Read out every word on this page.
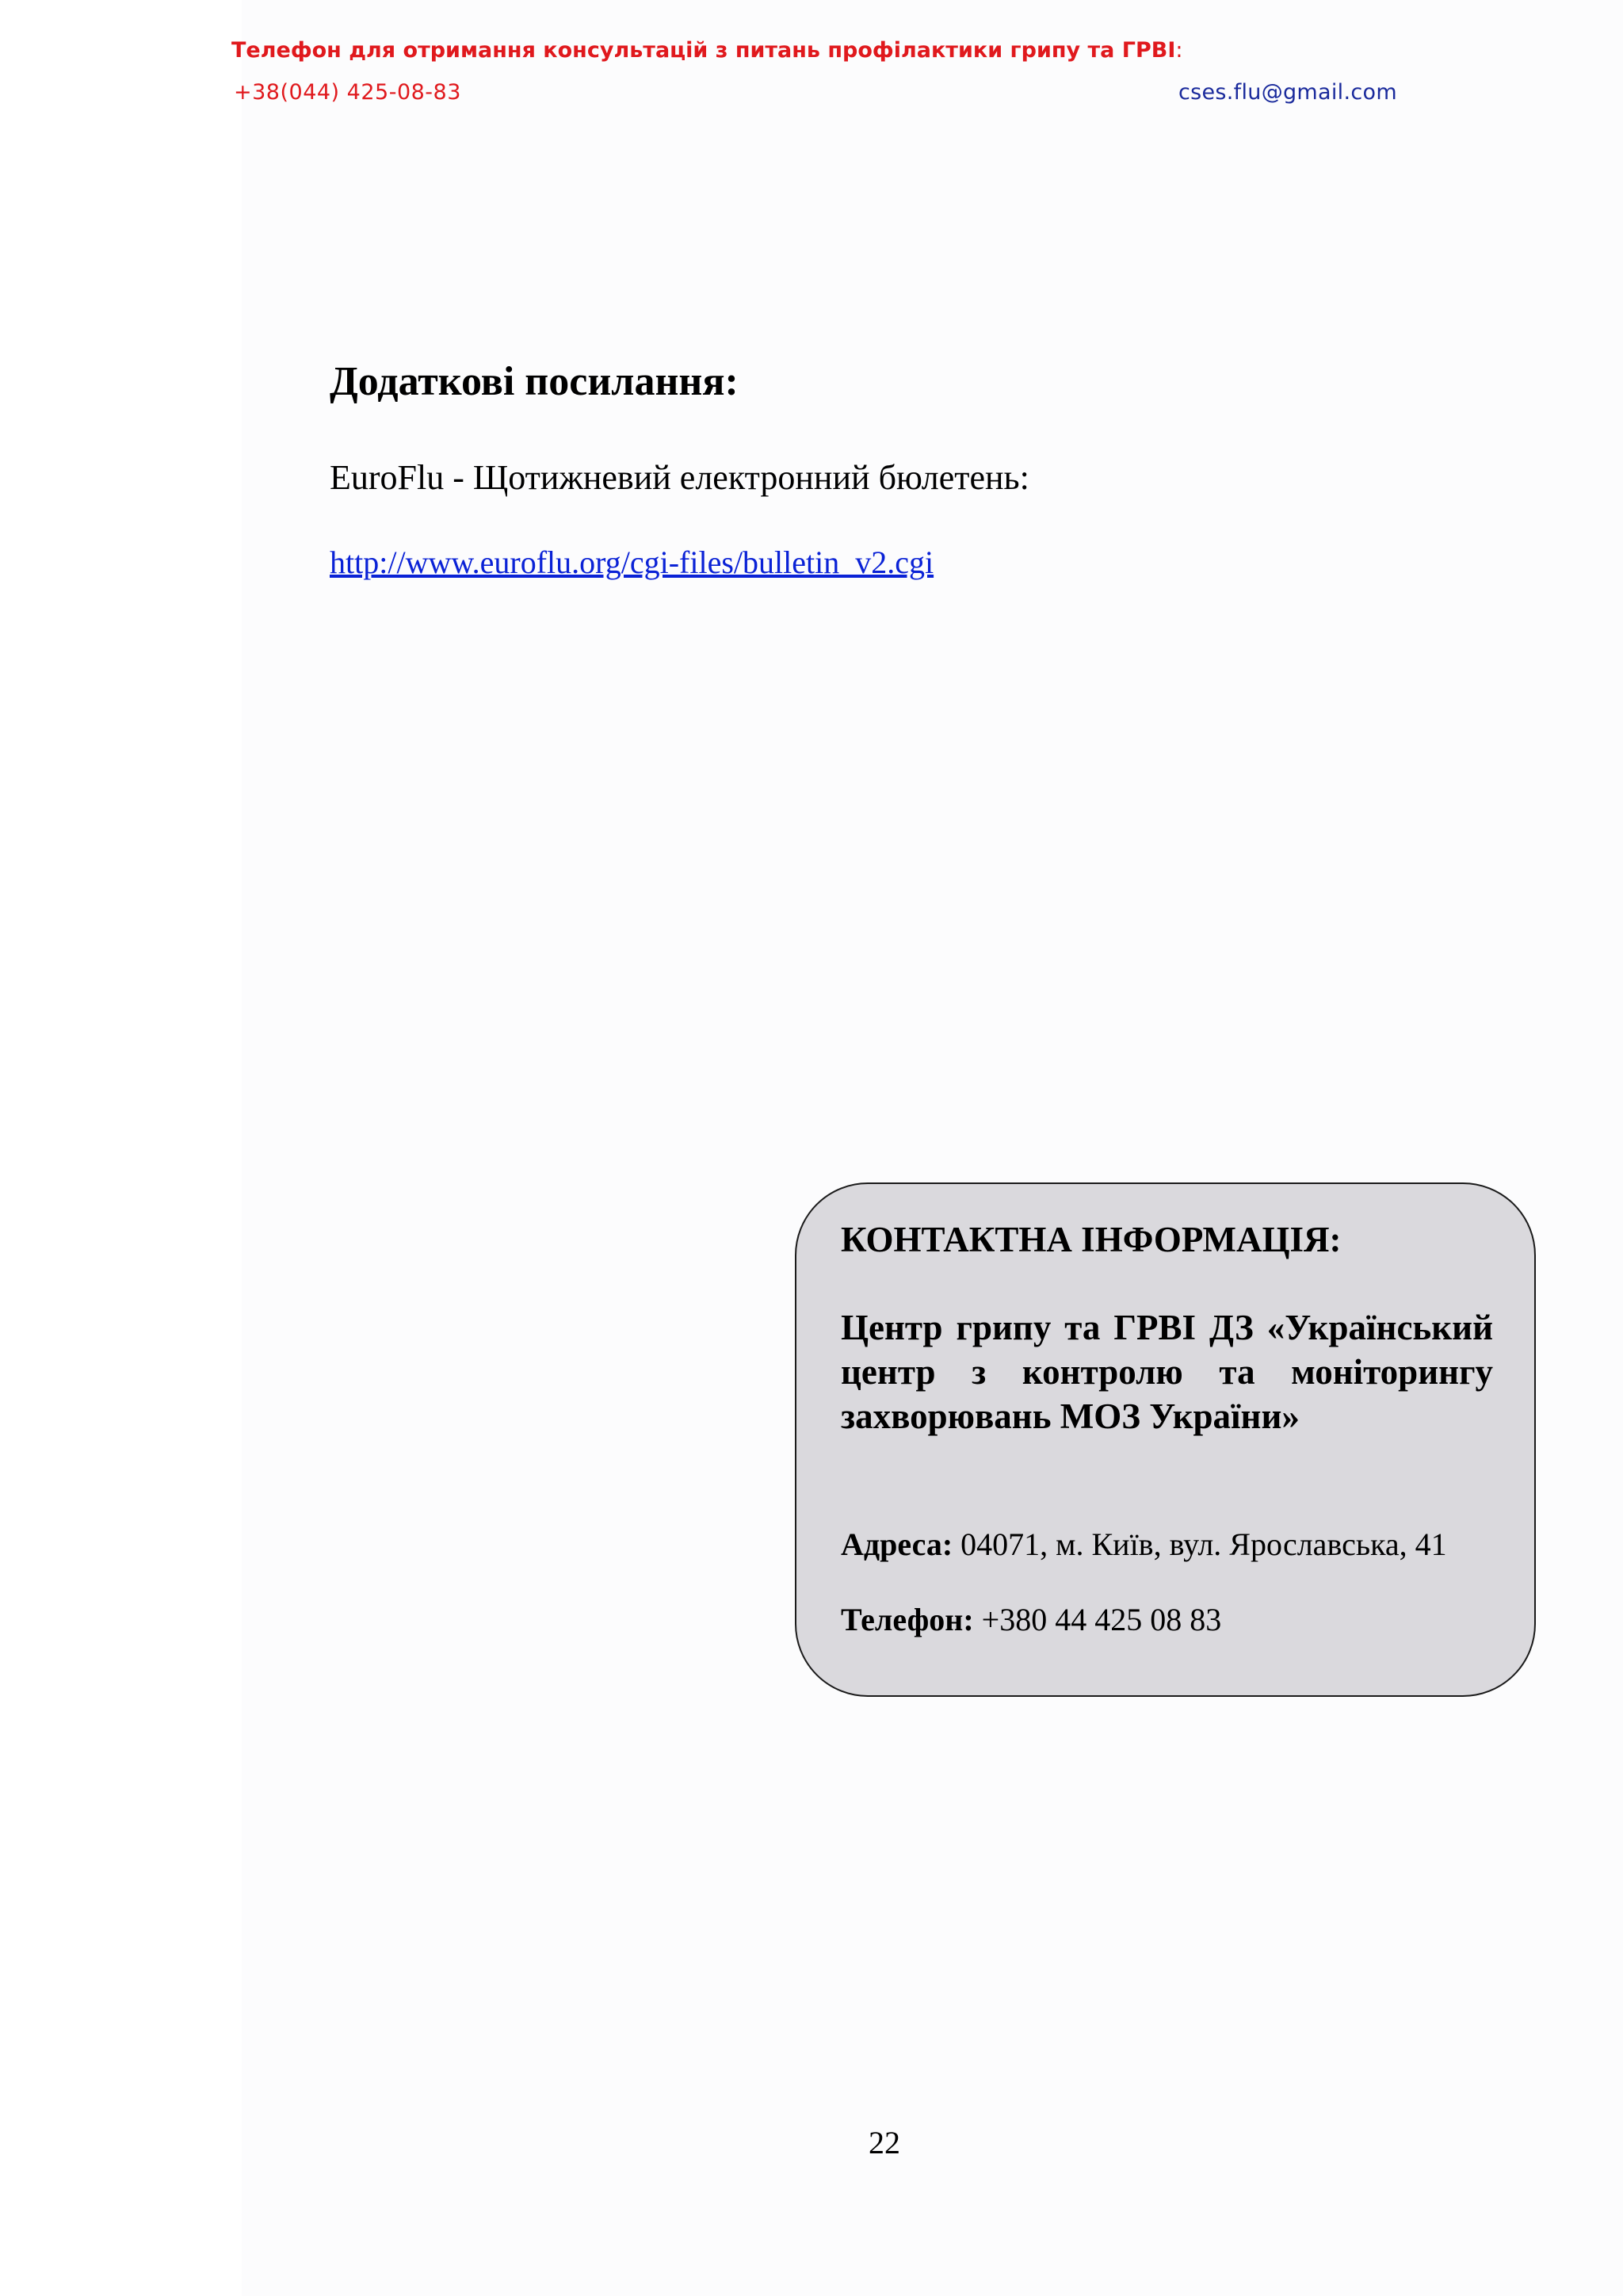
Телефон для отримання консультацій з питань профілактики грипу та ГРВІ:
+38(044) 425-08-83	cses.flu@gmail.com
Додаткові посилання:
EuroFlu - Щотижневий електронний бюлетень:
http://www.euroflu.org/cgi-files/bulletin_v2.cgi
КОНТАКТНА ІНФОРМАЦІЯ:
Центр грипу та ГРВІ ДЗ «Український центр з контролю та моніторингу захворювань МОЗ України»
Адреса: 04071, м. Київ, вул. Ярославська, 41
Телефон: +380 44 425 08 83
22
